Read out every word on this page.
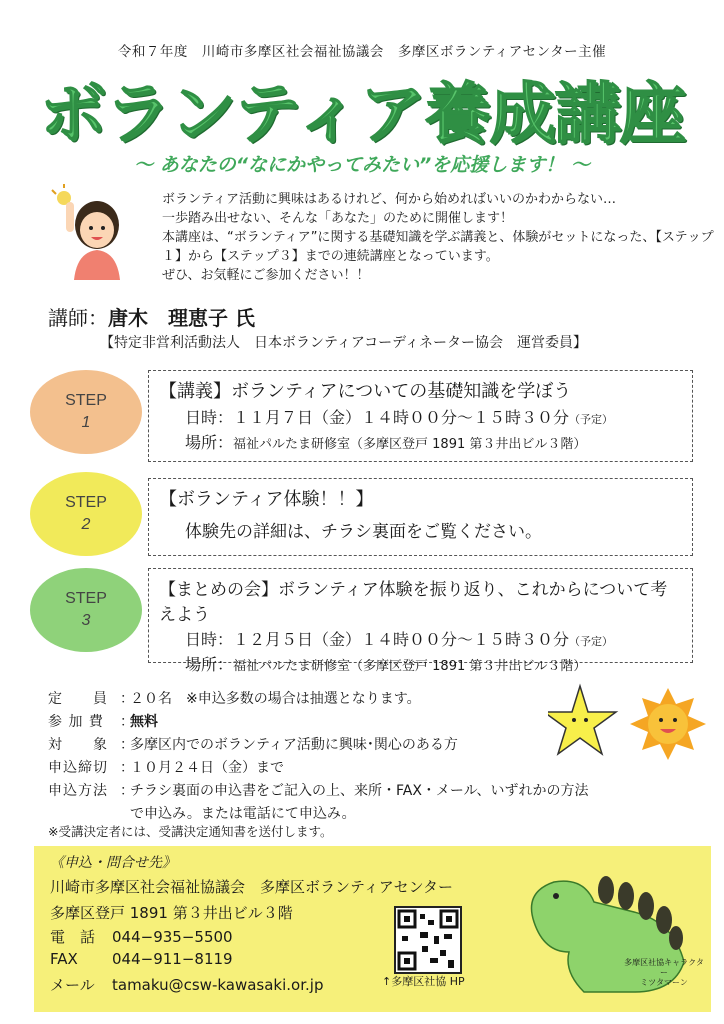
令和７年度　川崎市多摩区社会福祉協議会　多摩区ボランティアセンター主催
ボランティア養成講座
〜 あなたの“なにかやってみたい”を応援します！ 〜
ボランティア活動に興味はあるけれど、何から始めればいいのかわからない…
一歩踏み出せない、そんな「あなた」のために開催します！
本講座は、“ボランティア”に関する基礎知識を学ぶ講義と、体験がセットになった、【ステップ１】から【ステップ３】までの連続講座となっています。
ぜひ、お気軽にご参加ください！！
講師：唐木　理恵子 氏
【特定非営利活動法人　日本ボランティアコーディネーター協会　運営委員】
STEP
1
【講義】ボランティアについての基礎知識を学ぼう
日時：１１月７日（金）１４時００分〜１５時３０分（予定）
場所：福祉パルたま研修室（多摩区登戸 1891 第３井出ビル３階）
STEP
2
【ボランティア体験！！】
体験先の詳細は、チラシ裏面をご覧ください。
STEP
3
【まとめの会】ボランティア体験を振り返り、これからについて考えよう
日時：１２月５日（金）１４時００分〜１５時３０分（予定）
場所：福祉パルたま研修室（多摩区登戸 1891 第３井出ビル３階）
定　　員 ：
２０名　※申込多数の場合は抽選となります。
参 加 費	：
無料
対　　象 ：
多摩区内でのボランティア活動に興味･関心のある方
申込締切 ：
１０月２４日（金）まで
申込方法 ：
チラシ裏面の申込書をご記入の上、来所・FAX・メール、いずれかの方法
で申込み。または電話にて申込み。
※受講決定者には、受講決定通知書を送付します。
《申込・問合せ先》
川崎市多摩区社会福祉協議会　多摩区ボランティアセンター
多摩区登戸 1891 第３井出ビル３階
電　話 044−935−5500
FAX 044−911−8119
メール tamaku@csw-kawasaki.or.jp	↑多摩区社協 HP
多摩区社協キャラクター
ミツタマーン
